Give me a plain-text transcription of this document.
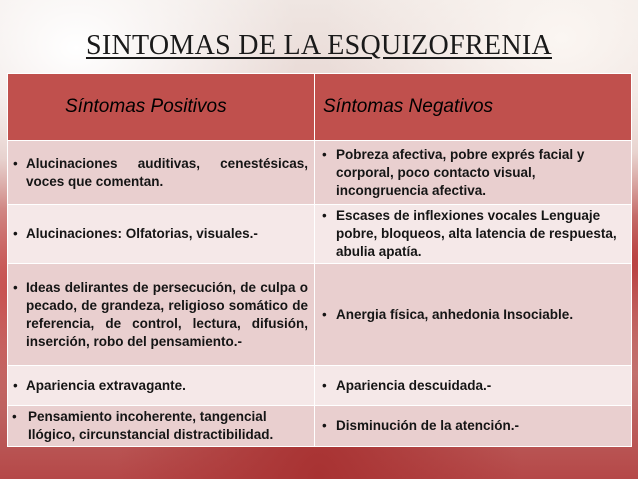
SINTOMAS DE LA ESQUIZOFRENIA
Síntomas Positivos	Síntomas Negativos

• Alucinaciones auditivas, cenestésicas, voces que comentan.	• Pobreza afectiva, pobre exprés facial y corporal, poco contacto visual, incongruencia afectiva.

• Alucinaciones: Olfatorias, visuales.-	• Escases de inflexiones vocales Lenguaje pobre, bloqueos, alta latencia de respuesta, abulia apatía.

• Ideas delirantes de persecución, de culpa o pecado, de grandeza, religioso somático de referencia, de control, lectura, difusión, inserción, robo del pensamiento.-	• Anergia física, anhedonia Insociable.

• Apariencia extravagante.	• Apariencia descuidada.-

• Pensamiento incoherente, tangencial Ilógico, circunstancial distractibilidad.	• Disminución de la atención.-
